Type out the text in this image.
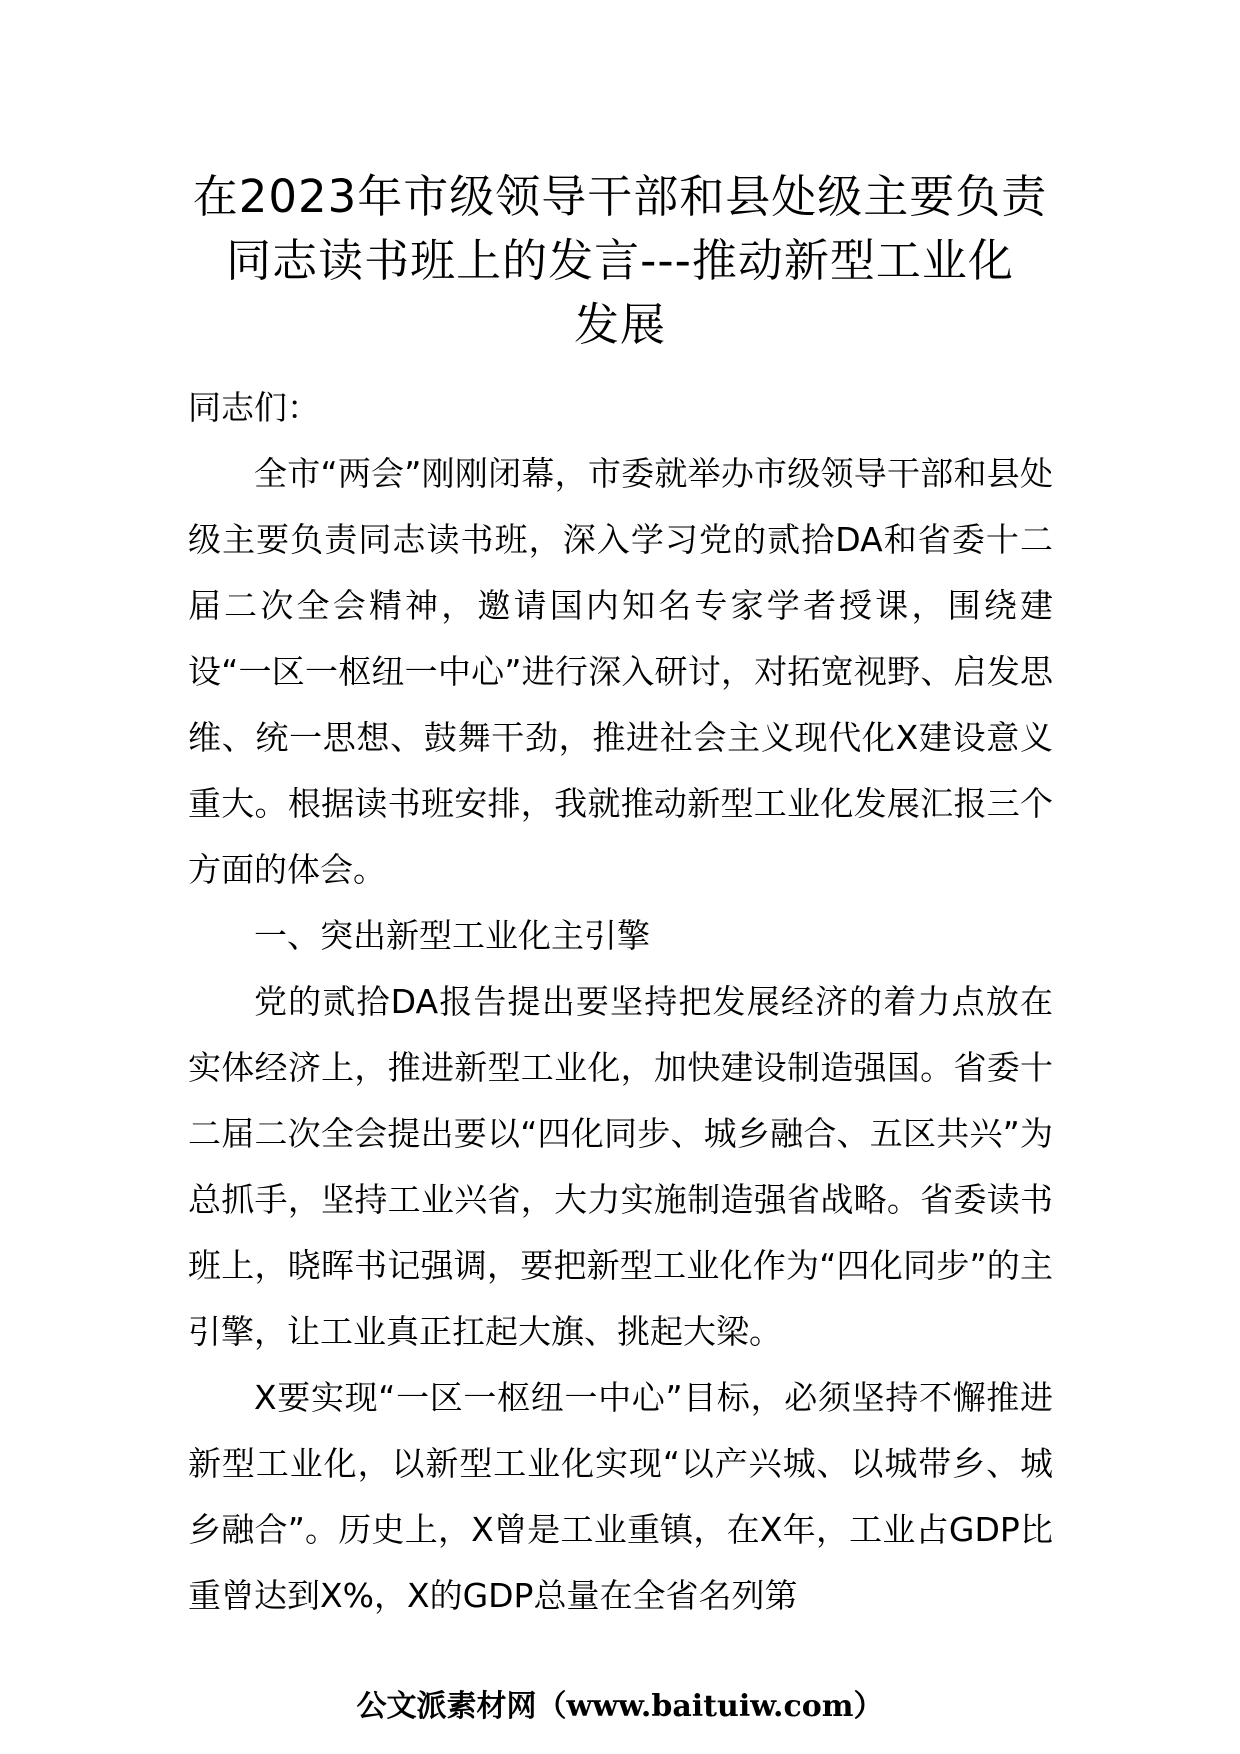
在2023年市级领导干部和县处级主要负责
同志读书班上的发言---推动新型工业化
发展

同志们：

全市“两会”刚刚闭幕，市委就举办市级领导干部和县处级主要负责同志读书班，深入学习党的贰拾DA和省委十二届二次全会精神，邀请国内知名专家学者授课，围绕建设“一区一枢纽一中心”进行深入研讨，对拓宽视野、启发思维、统一思想、鼓舞干劲，推进社会主义现代化X建设意义重大。根据读书班安排，我就推动新型工业化发展汇报三个方面的体会。

一、突出新型工业化主引擎

党的贰拾DA报告提出要坚持把发展经济的着力点放在实体经济上，推进新型工业化，加快建设制造强国。省委十二届二次全会提出要以“四化同步、城乡融合、五区共兴”为总抓手，坚持工业兴省，大力实施制造强省战略。省委读书班上，晓晖书记强调，要把新型工业化作为“四化同步”的主引擎，让工业真正扛起大旗、挑起大梁。

X要实现“一区一枢纽一中心”目标，必须坚持不懈推进新型工业化，以新型工业化实现“以产兴城、以城带乡、城乡融合”。历史上，X曾是工业重镇，在X年，工业占GDP比重曾达到X%，X的GDP总量在全省名列第

公文派素材网（www.baituiw.com）
